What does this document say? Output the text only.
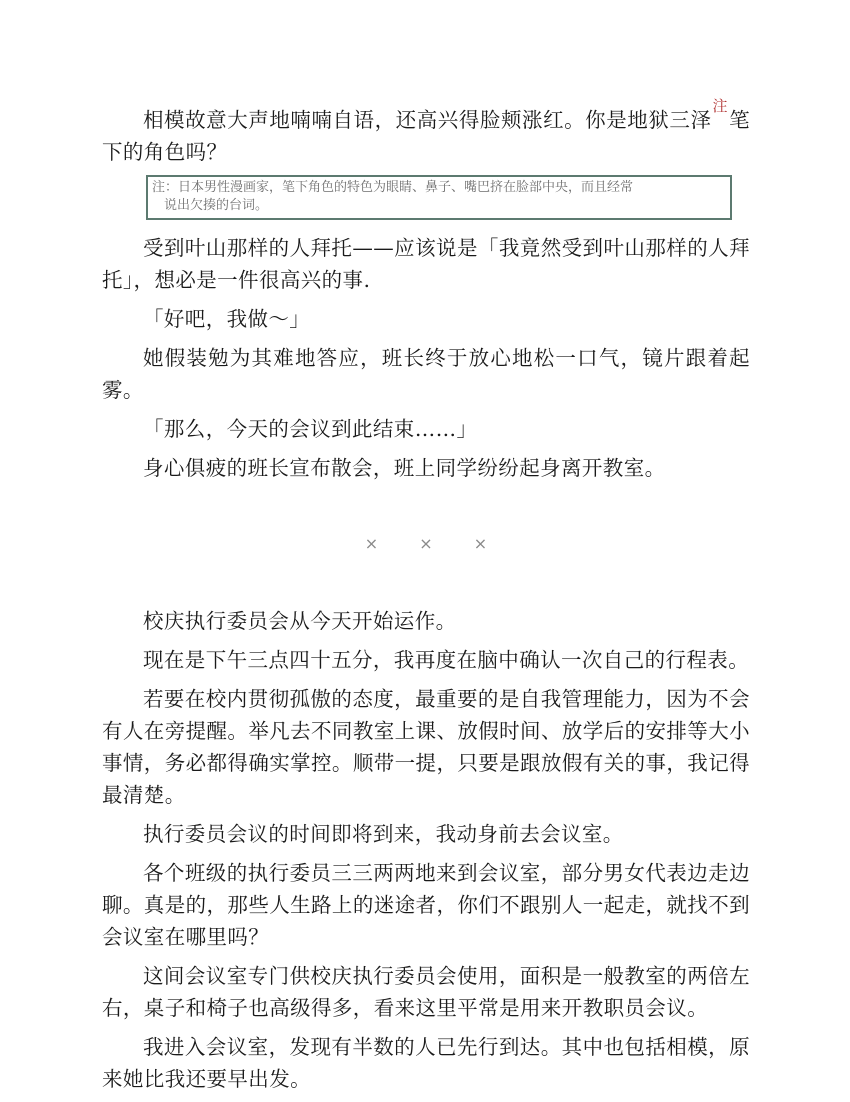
相模故意大声地喃喃自语，还高兴得脸颊涨红。你是地狱三泽$^注$笔下的角色吗？

注：日本男性漫画家，笔下角色的特色为眼睛、鼻子、嘴巴挤在脸部中央，而且经常
说出欠揍的台词。

受到叶山那样的人拜托——应该说是「我竟然受到叶山那样的人拜托」，想必是一件很高兴的事.

「好吧，我做～」

她假装勉为其难地答应，班长终于放心地松一口气，镜片跟着起雾。

「那么，今天的会议到此结束……」

身心俱疲的班长宣布散会，班上同学纷纷起身离开教室。

× × ×

校庆执行委员会从今天开始运作。

现在是下午三点四十五分，我再度在脑中确认一次自己的行程表。

若要在校内贯彻孤傲的态度，最重要的是自我管理能力，因为不会有人在旁提醒。举凡去不同教室上课、放假时间、放学后的安排等大小事情，务必都得确实掌控。顺带一提，只要是跟放假有关的事，我记得最清楚。

执行委员会议的时间即将到来，我动身前去会议室。

各个班级的执行委员三三两两地来到会议室，部分男女代表边走边聊。真是的，那些人生路上的迷途者，你们不跟别人一起走，就找不到会议室在哪里吗？

这间会议室专门供校庆执行委员会使用，面积是一般教室的两倍左右，桌子和椅子也高级得多，看来这里平常是用来开教职员会议。

我进入会议室，发现有半数的人已先行到达。其中也包括相模，原来她比我还要早出发。
